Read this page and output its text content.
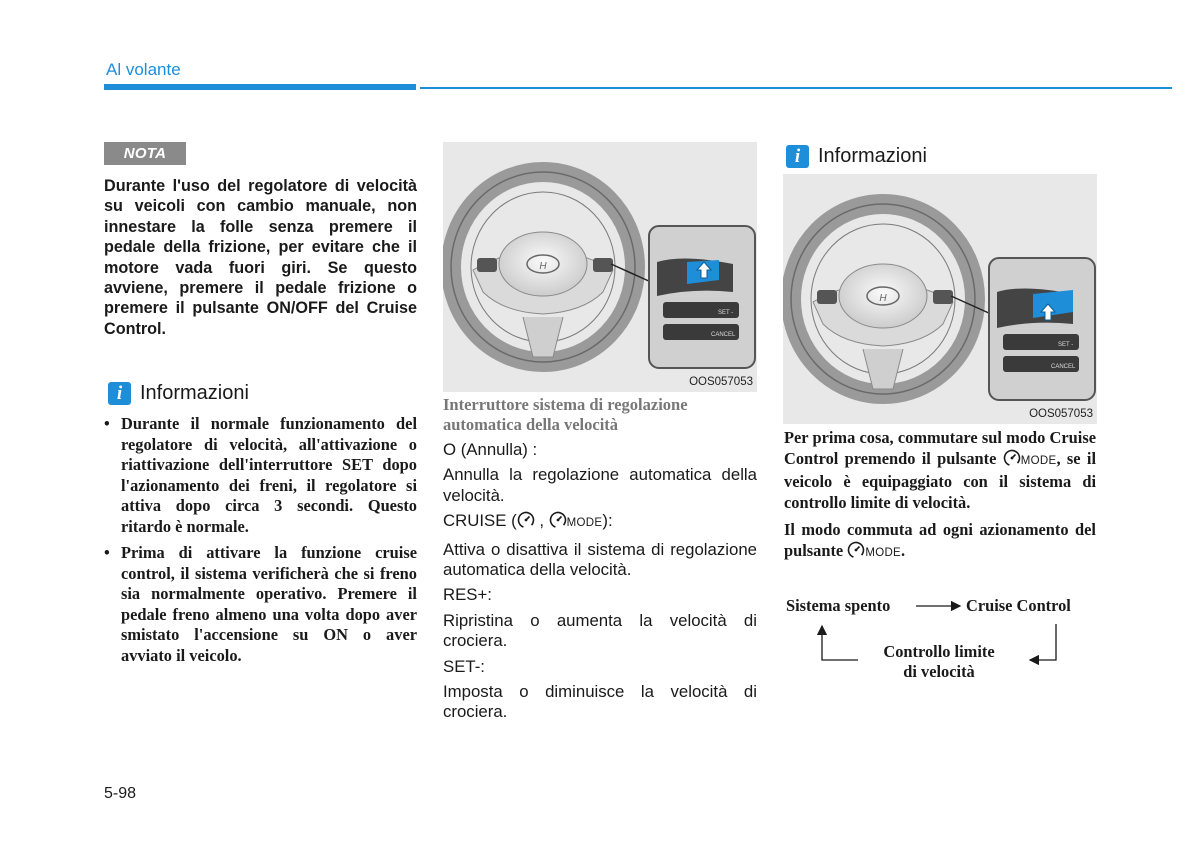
Al volante
NOTA
Durante l'uso del regolatore di velocità su veicoli con cambio manuale, non innestare la folle senza premere il pedale della frizione, per evitare che il motore vada fuori giri. Se questo avviene, premere il pedale frizione o premere il pulsante ON/OFF del Cruise Control.
i Informazioni
• Durante il normale funzionamento del regolatore di velocità, all'attivazione o riattivazione dell'interruttore SET dopo l'azionamento dei freni, il regolatore si attiva dopo circa 3 secondi. Questo ritardo è normale.
• Prima di attivare la funzione cruise control, il sistema verificherà che si freno sia normalmente operativo. Premere il pedale freno almeno una volta dopo aver smistato l'accensione su ON o aver avviato il veicolo.
H
SET -
CANCEL
OOS057053
Interruttore sistema di regolazione automatica della velocità

O (Annulla) :

Annulla la regolazione automatica della velocità.

CRUISE ( , MODE):

Attiva o disattiva il sistema di regolazione automatica della velocità.

RES+:

Ripristina o aumenta la velocità di crociera.

SET-:

Imposta o diminuisce la velocità di crociera.

i Informazioni
H
SET -
CANCEL
OOS057053

Per prima cosa, commutare sul modo Cruise Control premendo il pulsante MODE, se il veicolo è equipaggiato con il sistema di controllo limite di velocità.

Il modo commuta ad ogni azionamento del pulsante MODE.

Sistema spento	Cruise Control
Controllo limite
di velocità
5-98
